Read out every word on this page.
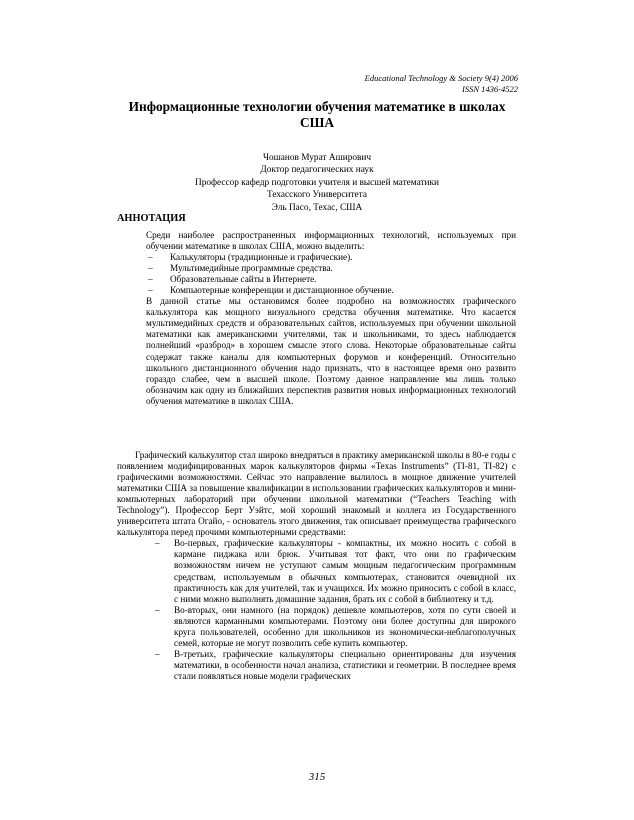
Educational Technology & Society 9(4) 2006
ISSN 1436-4522
Информационные технологии обучения математике в школах США
Чошанов Мурат Аширович
Доктор педагогических наук
Профессор кафедр подготовки учителя и высшей математики
Техасского Университета
Эль Пасо, Техас, США
АННОТАЦИЯ

Среди наиболее распространенных информационных технологий, используемых при обучении математике в школах США, можно выделить:

– Калькуляторы (традиционные и графические).
– Мультимедийные программные средства.
– Образовательные сайты в Интернете.
– Компьютерные конференции и дистанционное обучение.

В данной статье мы остановимся более подробно на возможностях графического калькулятора как мощного визуального средства обучения математике. Что касается мультимедийных средств и образовательных сайтов, используемых при обучении школьной математики как американскими учителями, так и школьниками, то здесь наблюдается полнейший «разброд» в хорошем смысле этого слова. Некоторые образовательные сайты содержат также каналы для компьютерных форумов и конференций. Относительно школьного дистанционного обучения надо признать, что в настоящее время оно развито гораздо слабее, чем в высшей школе. Поэтому данное направление мы лишь только обозначим как одну из ближайших перспектив развития новых информационных технологий обучения математике в школах США.

Графический калькулятор стал широко внедряться в практику американской школы в 80-е годы с появлением модифицированных марок калькуляторов фирмы «Texas Instruments” (TI-81, TI-82) с графическими возможностями. Сейчас это направление вылилось в мощное движение учителей математики США за повышение квалификации в использовании графических калькуляторов и мини-компьютерных лабораторий при обучении школьной математики (“Teachers Teaching with Technology”). Профессор Берт Уэйтс, мой хороший знакомый и коллега из Государственного университета штата Огайо, - основатель этого движения, так описывает преимущества графического калькулятора перед прочими компьютерными средствами:

– Во-первых, графические калькуляторы - компактны, их можно носить с собой в кармане пиджака или брюк. Учитывая тот факт, что они по графическим возможностям ничем не уступают самым мощным педагогическим программным средствам, используемым в обычных компьютерах, становится очевидной их практичность как для учителей, так и учащихся. Их можно приносить с собой в класс, с ними можно выполнять домашние задания, брать их с собой в библиотеку и т.д.
– Во-вторых, они намного (на порядок) дешевле компьютеров, хотя по сути своей и являются карманными компьютерами. Поэтому они более доступны для широкого круга пользователей, особенно для школьников из экономически-неблагополучных семей, которые не могут позволить себе купить компьютер.
– В-третьих, графические калькуляторы специально ориентированы для изучения математики, в особенности начал анализа, статистики и геометрии. В последнее время стали появляться новые модели графических
315
